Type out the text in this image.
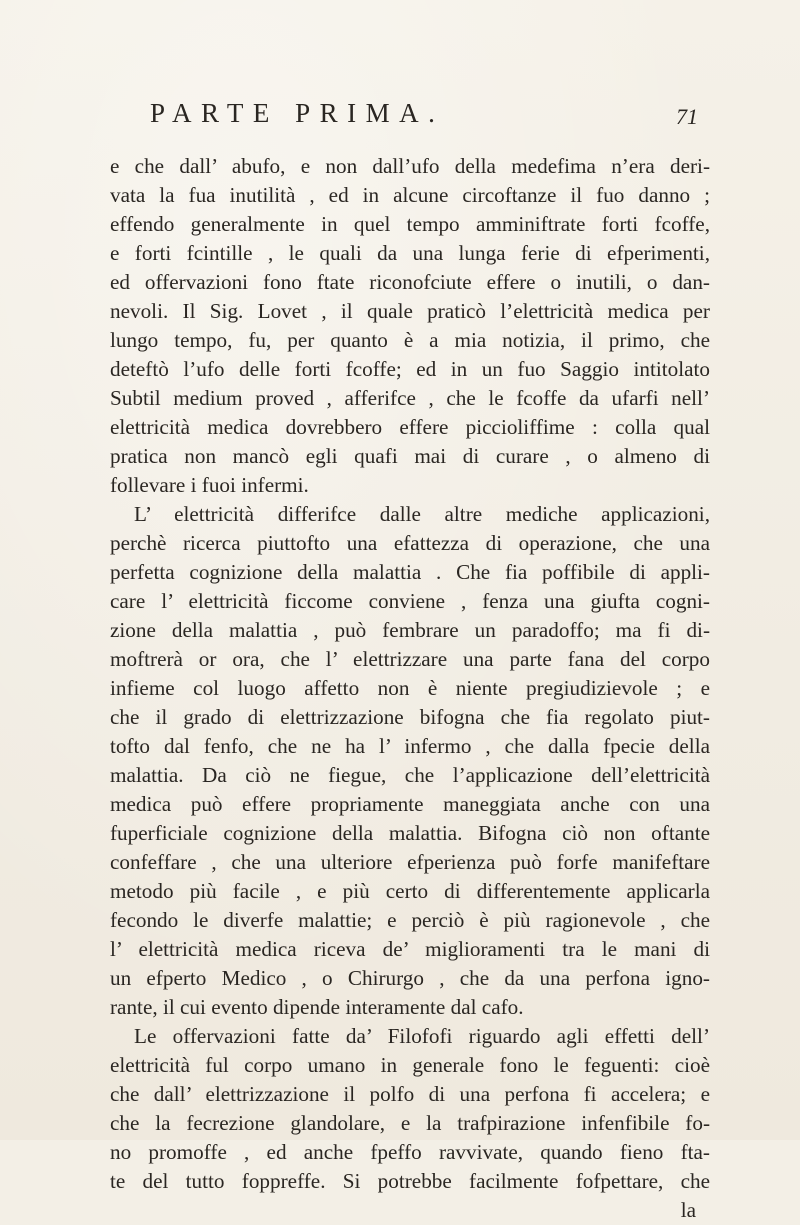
PARTE PRIMA.	71
e che dall’ abufo, e non dall’ufo della medefima n’era deri-
vata la fua inutilità , ed in alcune circoftanze il fuo danno ;
effendo generalmente in quel tempo amminiftrate forti fcoffe,
e forti fcintille , le quali da una lunga ferie di efperimenti,
ed offervazioni fono ftate riconofciute effere o inutili, o dan-
nevoli. Il Sig. Lovet , il quale praticò l’elettricità medica per
lungo tempo, fu, per quanto è a mia notizia, il primo, che
deteftò l’ufo delle forti fcoffe; ed in un fuo Saggio intitolato
Subtil medium proved , afferifce , che le fcoffe da ufarfi nell’
elettricità medica dovrebbero effere piccioliffime : colla qual
pratica non mancò egli quafi mai di curare , o almeno di
follevare i fuoi infermi.
L’ elettricità differifce dalle altre mediche applicazioni,
perchè ricerca piuttofto una efattezza di operazione, che una
perfetta cognizione della malattia . Che fia poffibile di appli-
care l’ elettricità ficcome conviene , fenza una giufta cogni-
zione della malattia , può fembrare un paradoffo; ma fi di-
moftrerà or ora, che l’ elettrizzare una parte fana del corpo
infieme col luogo affetto non è niente pregiudizievole ; e
che il grado di elettrizzazione bifogna che fia regolato piut-
tofto dal fenfo, che ne ha l’ infermo , che dalla fpecie della
malattia. Da ciò ne fiegue, che l’applicazione dell’elettricità
medica può effere propriamente maneggiata anche con una
fuperficiale cognizione della malattia. Bifogna ciò non oftante
confeffare , che una ulteriore efperienza può forfe manifeftare
metodo più facile , e più certo di differentemente applicarla
fecondo le diverfe malattie; e perciò è più ragionevole , che
l’ elettricità medica riceva de’ miglioramenti tra le mani di
un efperto Medico , o Chirurgo , che da una perfona igno-
rante, il cui evento dipende interamente dal cafo.
Le offervazioni fatte da’ Filofofi riguardo agli effetti dell’
elettricità ful corpo umano in generale fono le feguenti: cioè
che dall’ elettrizzazione il polfo di una perfona fi accelera; e
che la fecrezione glandolare, e la trafpirazione infenfibile fo-
no promoffe , ed anche fpeffo ravvivate, quando fieno fta-
te del tutto foppreffe. Si potrebbe facilmente fofpettare, che
la
